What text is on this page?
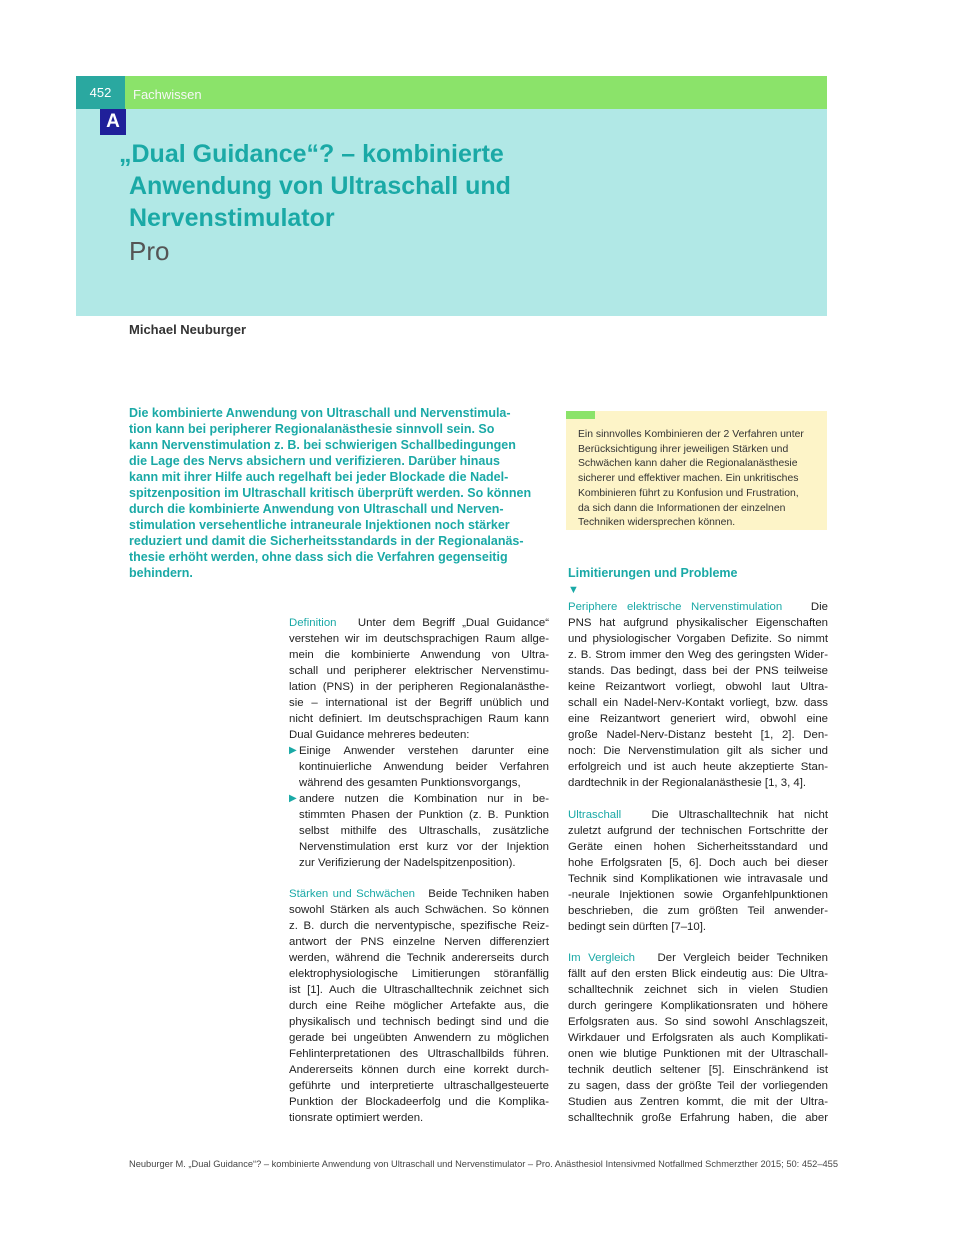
452	Fachwissen
A
„Dual Guidance“? – kombinierte
Anwendung von Ultraschall und
Nervenstimulator
Pro
Michael Neuburger
Die kombinierte Anwendung von Ultraschall und Nervenstimula-
tion kann bei peripherer Regionalanästhesie sinnvoll sein. So
kann Nervenstimulation z. B. bei schwierigen Schallbedingungen
die Lage des Nervs absichern und verifizieren. Darüber hinaus
kann mit ihrer Hilfe auch regelhaft bei jeder Blockade die Nadel-
spitzenposition im Ultraschall kritisch überprüft werden. So können
durch die kombinierte Anwendung von Ultraschall und Nerven-
stimulation versehentliche intraneurale Injektionen noch stärker
reduziert und damit die Sicherheitsstandards in der Regionalanäs-
thesie erhöht werden, ohne dass sich die Verfahren gegenseitig
behindern.
Ein sinnvolles Kombinieren der 2 Verfahren unter
Berücksichtigung ihrer jeweiligen Stärken und
Schwächen kann daher die Regionalanästhesie
sicherer und effektiver machen. Ein unkritisches
Kombinieren führt zu Konfusion und Frustration,
da sich dann die Informationen der einzelnen
Techniken widersprechen können.
Definition Unter dem Begriff „Dual Guidance“
verstehen wir im deutschsprachigen Raum allge-
mein die kombinierte Anwendung von Ultra-
schall und peripherer elektrischer Nervenstimu-
lation (PNS) in der peripheren Regionalanästhe-
sie – international ist der Begriff unüblich und
nicht definiert. Im deutschsprachigen Raum kann
Dual Guidance mehreres bedeuten:
▶ Einige Anwender verstehen darunter eine
kontinuierliche Anwendung beider Verfahren
während des gesamten Punktionsvorgangs,
▶ andere nutzen die Kombination nur in be-
stimmten Phasen der Punktion (z. B. Punktion
selbst mithilfe des Ultraschalls, zusätzliche
Nervenstimulation erst kurz vor der Injektion
zur Verifizierung der Nadelspitzenposition).
Stärken und Schwächen Beide Techniken haben
sowohl Stärken als auch Schwächen. So können
z. B. durch die nerventypische, spezifische Reiz-
antwort der PNS einzelne Nerven differenziert
werden, während die Technik andererseits durch
elektrophysiologische Limitierungen störanfällig
ist [1]. Auch die Ultraschalltechnik zeichnet sich
durch eine Reihe möglicher Artefakte aus, die
physikalisch und technisch bedingt sind und die
gerade bei ungeübten Anwendern zu möglichen
Fehlinterpretationen des Ultraschallbilds führen.
Andererseits können durch eine korrekt durch-
geführte und interpretierte ultraschallgesteuerte
Punktion der Blockadeerfolg und die Komplika-
tionsrate optimiert werden.
Limitierungen und Probleme
▼
Periphere elektrische Nervenstimulation	Die
PNS hat aufgrund physikalischer Eigenschaften
und physiologischer Vorgaben Defizite. So nimmt
z. B. Strom immer den Weg des geringsten Wider-
stands. Das bedingt, dass bei der PNS teilweise
keine Reizantwort vorliegt, obwohl laut Ultra-
schall ein Nadel-Nerv-Kontakt vorliegt, bzw. dass
eine Reizantwort generiert wird, obwohl eine
große Nadel-Nerv-Distanz besteht [1, 2]. Den-
noch: Die Nervenstimulation gilt als sicher und
erfolgreich und ist auch heute akzeptierte Stan-
dardtechnik in der Regionalanästhesie [1, 3, 4].
Ultraschall	Die Ultraschalltechnik hat nicht
zuletzt aufgrund der technischen Fortschritte der
Geräte einen hohen Sicherheitsstandard und
hohe Erfolgsraten [5, 6]. Doch auch bei dieser
Technik sind Komplikationen wie intravasale und
-neurale Injektionen sowie Organfehlpunktionen
beschrieben, die zum größten Teil anwender-
bedingt sein dürften [7–10].
Im Vergleich Der Vergleich beider Techniken
fällt auf den ersten Blick eindeutig aus: Die Ultra-
schalltechnik zeichnet sich in vielen Studien
durch geringere Komplikationsraten und höhere
Erfolgsraten aus. So sind sowohl Anschlagszeit,
Wirkdauer und Erfolgsraten als auch Komplikati-
onen wie blutige Punktionen mit der Ultraschall-
technik deutlich seltener [5]. Einschränkend ist
zu sagen, dass der größte Teil der vorliegenden
Studien aus Zentren kommt, die mit der Ultra-
schalltechnik große Erfahrung haben, die aber
Neuburger M. „Dual Guidance“? – kombinierte Anwendung von Ultraschall und Nervenstimulator – Pro. Anästhesiol Intensivmed Notfallmed Schmerzther 2015; 50: 452–455
